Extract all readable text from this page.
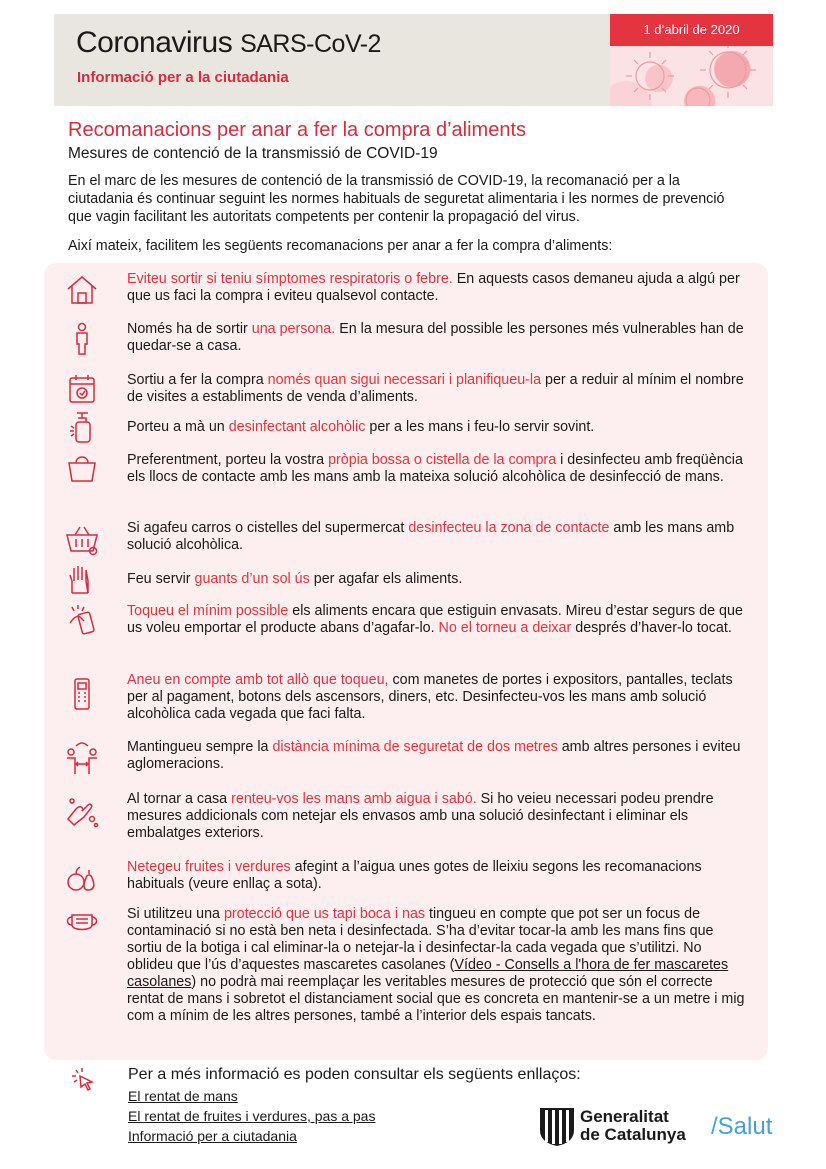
Coronavirus SARS-CoV-2
Informació per a la ciutadania
1 d’abril de 2020
Recomanacions per anar a fer la compra d’aliments
Mesures de contenció de la transmissió de COVID-19
En el marc de les mesures de contenció de la transmissió de COVID-19, la recomanació per a la ciutadania és continuar seguint les normes habituals de seguretat alimentaria i les normes de prevenció que vagin facilitant les autoritats competents per contenir la propagació del virus.
Així mateix, facilitem les següents recomanacions per anar a fer la compra d’aliments:
Eviteu sortir si teniu símptomes respiratoris o febre. En aquests casos demaneu ajuda a algú per que us faci la compra i eviteu qualsevol contacte.
Només ha de sortir una persona. En la mesura del possible les persones més vulnerables han de quedar-se a casa.
Sortiu a fer la compra només quan sigui necessari i planifiqueu-la per a reduir al mínim el nombre de visites a establiments de venda d’aliments.
Porteu a mà un desinfectant alcohòlic per a les mans i feu-lo servir sovint.
Preferentment, porteu la vostra pròpia bossa o cistella de la compra i desinfecteu amb freqüència els llocs de contacte amb les mans amb la mateixa solució alcohòlica de desinfecció de mans.
Si agafeu carros o cistelles del supermercat desinfecteu la zona de contacte amb les mans amb solució alcohòlica.
Feu servir guants d’un sol ús per agafar els aliments.
Toqueu el mínim possible els aliments encara que estiguin envasats. Mireu d’estar segurs de que us voleu emportar el producte abans d’agafar-lo. No el torneu a deixar després d’haver-lo tocat.
Aneu en compte amb tot allò que toqueu, com manetes de portes i expositors, pantalles, teclats per al pagament, botons dels ascensors, diners, etc. Desinfecteu-vos les mans amb solució alcohòlica cada vegada que faci falta.
Mantingueu sempre la distància mínima de seguretat de dos metres amb altres persones i eviteu aglomeracions.
Al tornar a casa renteu-vos les mans amb aigua i sabó. Si ho veieu necessari podeu prendre mesures addicionals com netejar els envasos amb una solució desinfectant i eliminar els embalatges exteriors.
Netegeu fruites i verdures afegint a l’aigua unes gotes de lleixiu segons les recomanacions habituals (veure enllaç a sota).
Si utilitzeu una protecció que us tapi boca i nas tingueu en compte que pot ser un focus de contaminació si no està ben neta i desinfectada. S’ha d’evitar tocar-la amb les mans fins que sortiu de la botiga i cal eliminar-la o netejar-la i desinfectar-la cada vegada que s’utilitzi. No oblideu que l’ús d’aquestes mascaretes casolanes (Vídeo - Consells a l'hora de fer mascaretes casolanes) no podrà mai reemplaçar les veritables mesures de protecció que són el correcte rentat de mans i sobretot el distanciament social que es concreta en mantenir-se a un metre i mig com a mínim de les altres persones, també a l’interior dels espais tancats.
Per a més informació es poden consultar els següents enllaços:
El rentat de mans
El rentat de fruites i verdures, pas a pas
Informació per a ciutadania
Generalitat
de Catalunya /Salut
